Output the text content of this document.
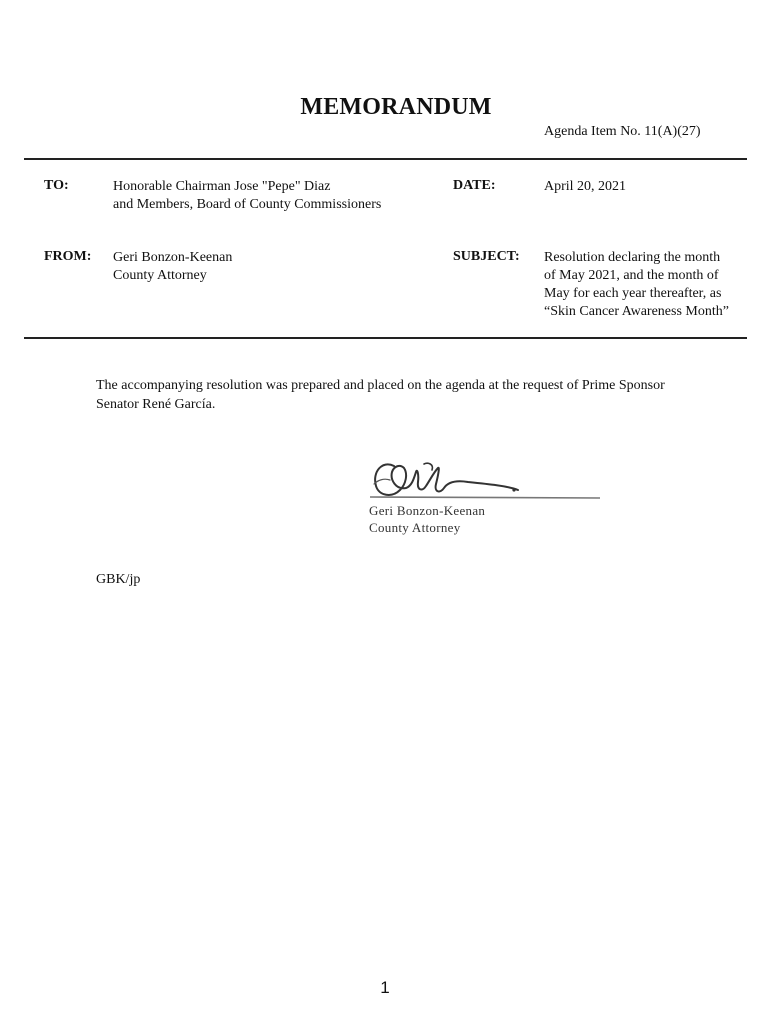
MEMORANDUM
Agenda Item No. 11(A)(27)
TO:	Honorable Chairman Jose "Pepe" Diaz
and Members, Board of County Commissioners
DATE:	April 20, 2021
FROM: Geri Bonzon-Keenan
County Attorney
SUBJECT: Resolution declaring the month
of May 2021, and the month of
May for each year thereafter, as
“Skin Cancer Awareness Month”
The accompanying resolution was prepared and placed on the agenda at the request of Prime Sponsor
Senator René García.
Geri Bonzon-Keenan
County Attorney
GBK/jp
1
